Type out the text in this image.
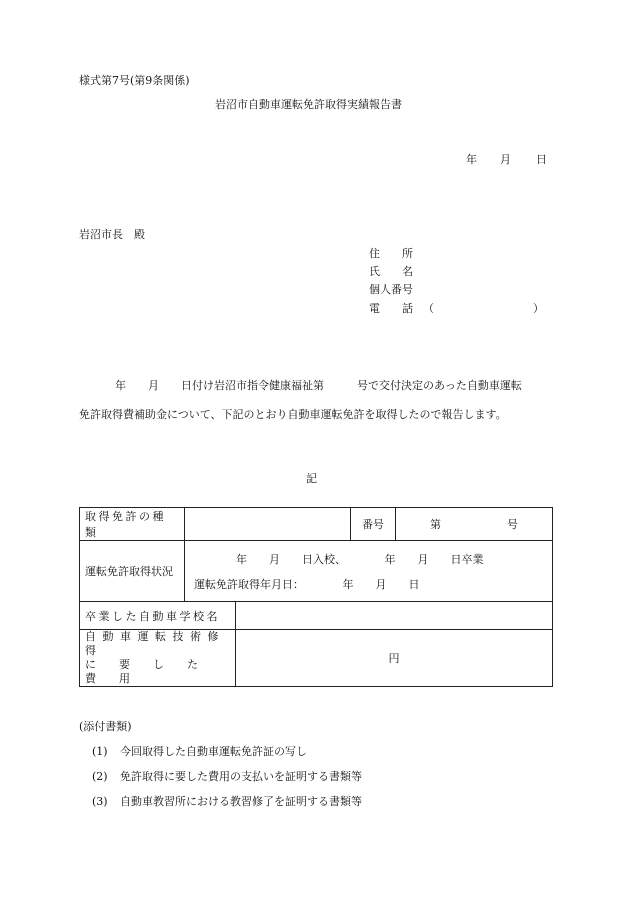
様式第7号(第9条関係)
岩沼市自動車運転免許取得実績報告書
年 月 日
岩沼市長　殿
住　　所
氏　　名
個人番号
電　　話 （	）
年　　月　　日付け岩沼市指令健康福祉第　　　号で交付決定のあった自動車運転
免許取得費補助金について、下記のとおり自動車運転免許を取得したので報告します。
記
取得免許の種類			番号	第　　　　　　号
運転免許取得状況	年　　月　　日入校、　　　　年　　月　　日卒業
運転免許取得年月日：　　　　年　　月　　日			

卒業した自動車学校名				

自動車運転技術修得
に要した費用		円		
(添付書類)
(1) 今回取得した自動車運転免許証の写し
(2) 免許取得に要した費用の支払いを証明する書類等
(3) 自動車教習所における教習修了を証明する書類等
